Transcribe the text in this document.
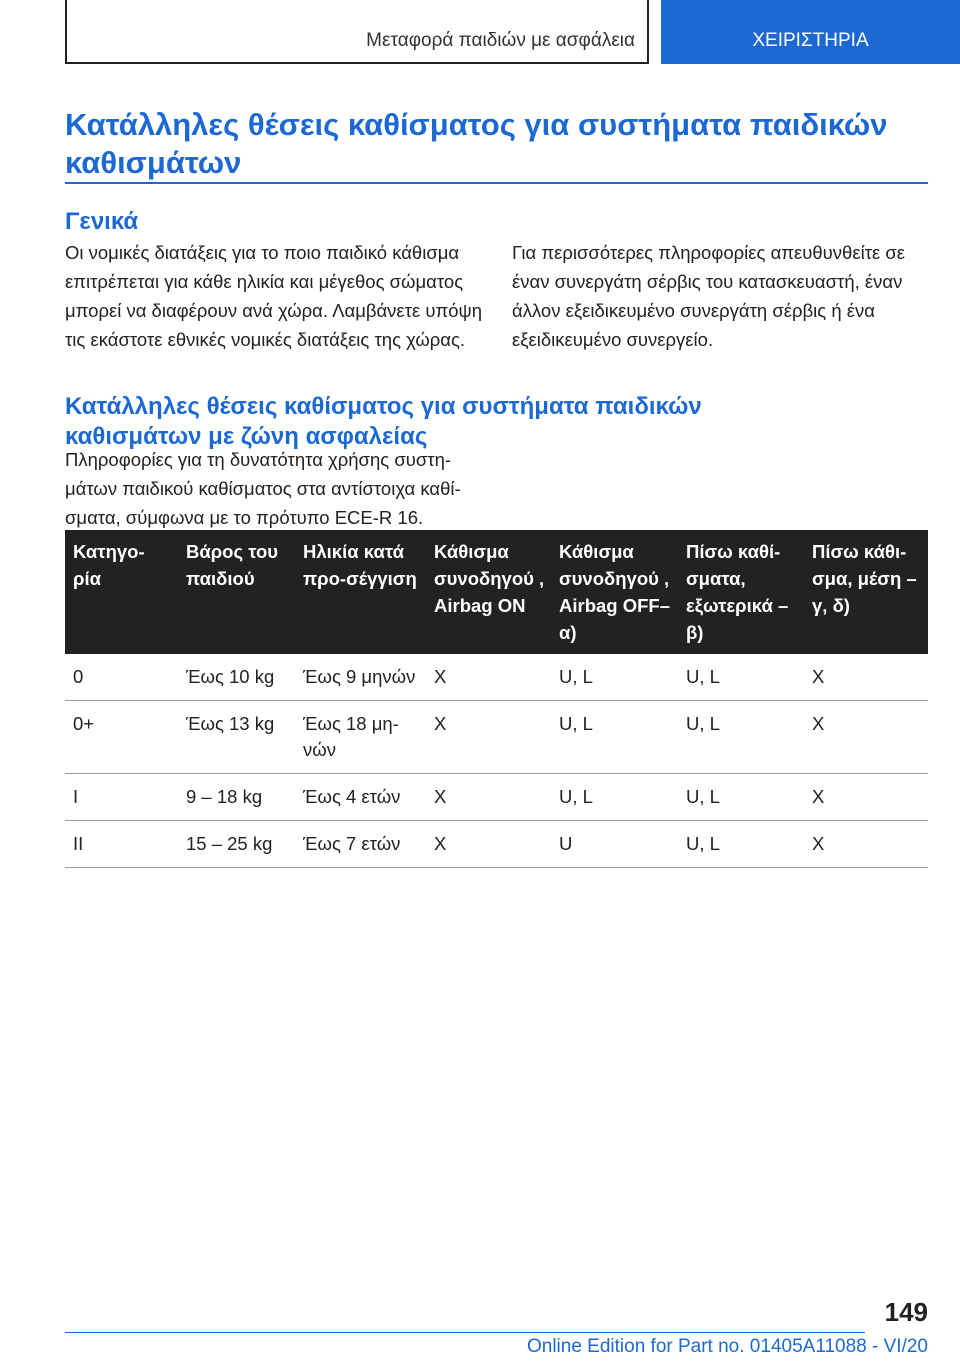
Μεταφορά παιδιών με ασφάλεια	ΧΕΙΡΙΣΤΗΡΙΑ
Κατάλληλες θέσεις καθίσματος για συστήματα παιδικών καθισμάτων
Γενικά

Οι νομικές διατάξεις για το ποιο παιδικό κάθισμα επιτρέπεται για κάθε ηλικία και μέγεθος σώματος μπορεί να διαφέρουν ανά χώρα. Λαμβάνετε υπόψη τις εκάστοτε εθνικές νομικές διατάξεις της χώρας.

Για περισσότερες πληροφορίες απευθυνθείτε σε έναν συνεργάτη σέρβις του κατασκευαστή, έναν άλλον εξειδικευμένο συνεργάτη σέρβις ή ένα εξειδικευμένο συνεργείο.

Κατάλληλες θέσεις καθίσματος για συστήματα παιδικών καθισμάτων με ζώνη ασφαλείας

Πληροφορίες για τη δυνατότητα χρήσης συστη-μάτων παιδικού καθίσματος στα αντίστοιχα καθί-σματα, σύμφωνα με το πρότυπο ECE-R 16.

Κατηγο-ρία	Βάρος του παιδιού	Ηλικία κατά προ-σέγγιση	Κάθισμα συνοδηγού , Airbag ON	Κάθισμα συνοδηγού , Airbag OFF– α)	Πίσω καθί-σματα, εξωτερικά – β)	Πίσω κάθι-σμα, μέση – γ, δ)
0	Έως 10 kg	Έως 9 μηνών	X	U, L	U, L	X
0+	Έως 13 kg	Έως 18 μη-νών	X	U, L	U, L	X
I	9 – 18 kg	Έως 4 ετών	X	U, L	U, L	X
II	15 – 25 kg	Έως 7 ετών	X	U	U, L	X
149
Online Edition for Part no. 01405A11088 - VI/20
